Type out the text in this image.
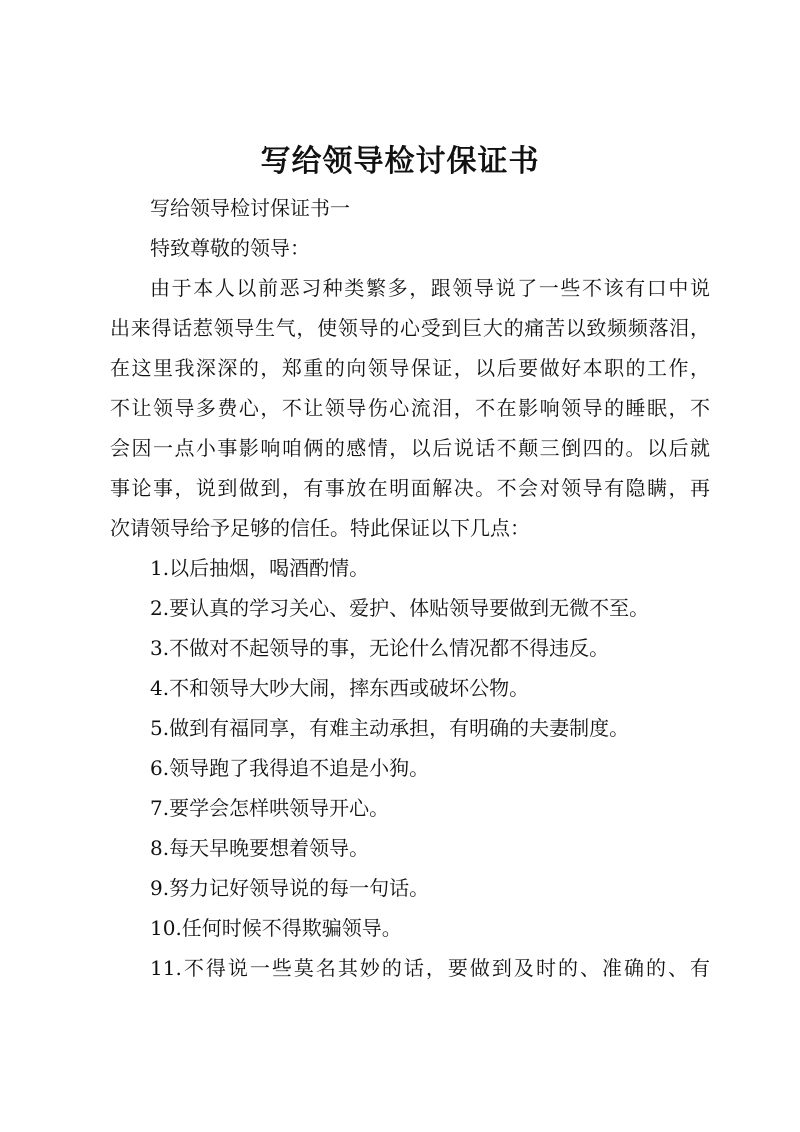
写给领导检讨保证书
写给领导检讨保证书一
特致尊敬的领导：
由于本人以前恶习种类繁多，跟领导说了一些不该有口中说
出来得话惹领导生气，使领导的心受到巨大的痛苦以致频频落泪，
在这里我深深的，郑重的向领导保证，以后要做好本职的工作，
不让领导多费心，不让领导伤心流泪，不在影响领导的睡眠，不
会因一点小事影响咱俩的感情，以后说话不颠三倒四的。以后就
事论事，说到做到，有事放在明面解决。不会对领导有隐瞒，再
次请领导给予足够的信任。特此保证以下几点：
1.以后抽烟，喝酒酌情。
2.要认真的学习关心、爱护、体贴领导要做到无微不至。
3.不做对不起领导的事，无论什么情况都不得违反。
4.不和领导大吵大闹，摔东西或破坏公物。
5.做到有福同享，有难主动承担，有明确的夫妻制度。
6.领导跑了我得追不追是小狗。
7.要学会怎样哄领导开心。
8.每天早晚要想着领导。
9.努力记好领导说的每一句话。
10.任何时候不得欺骗领导。
11.不得说一些莫名其妙的话，要做到及时的、准确的、有
